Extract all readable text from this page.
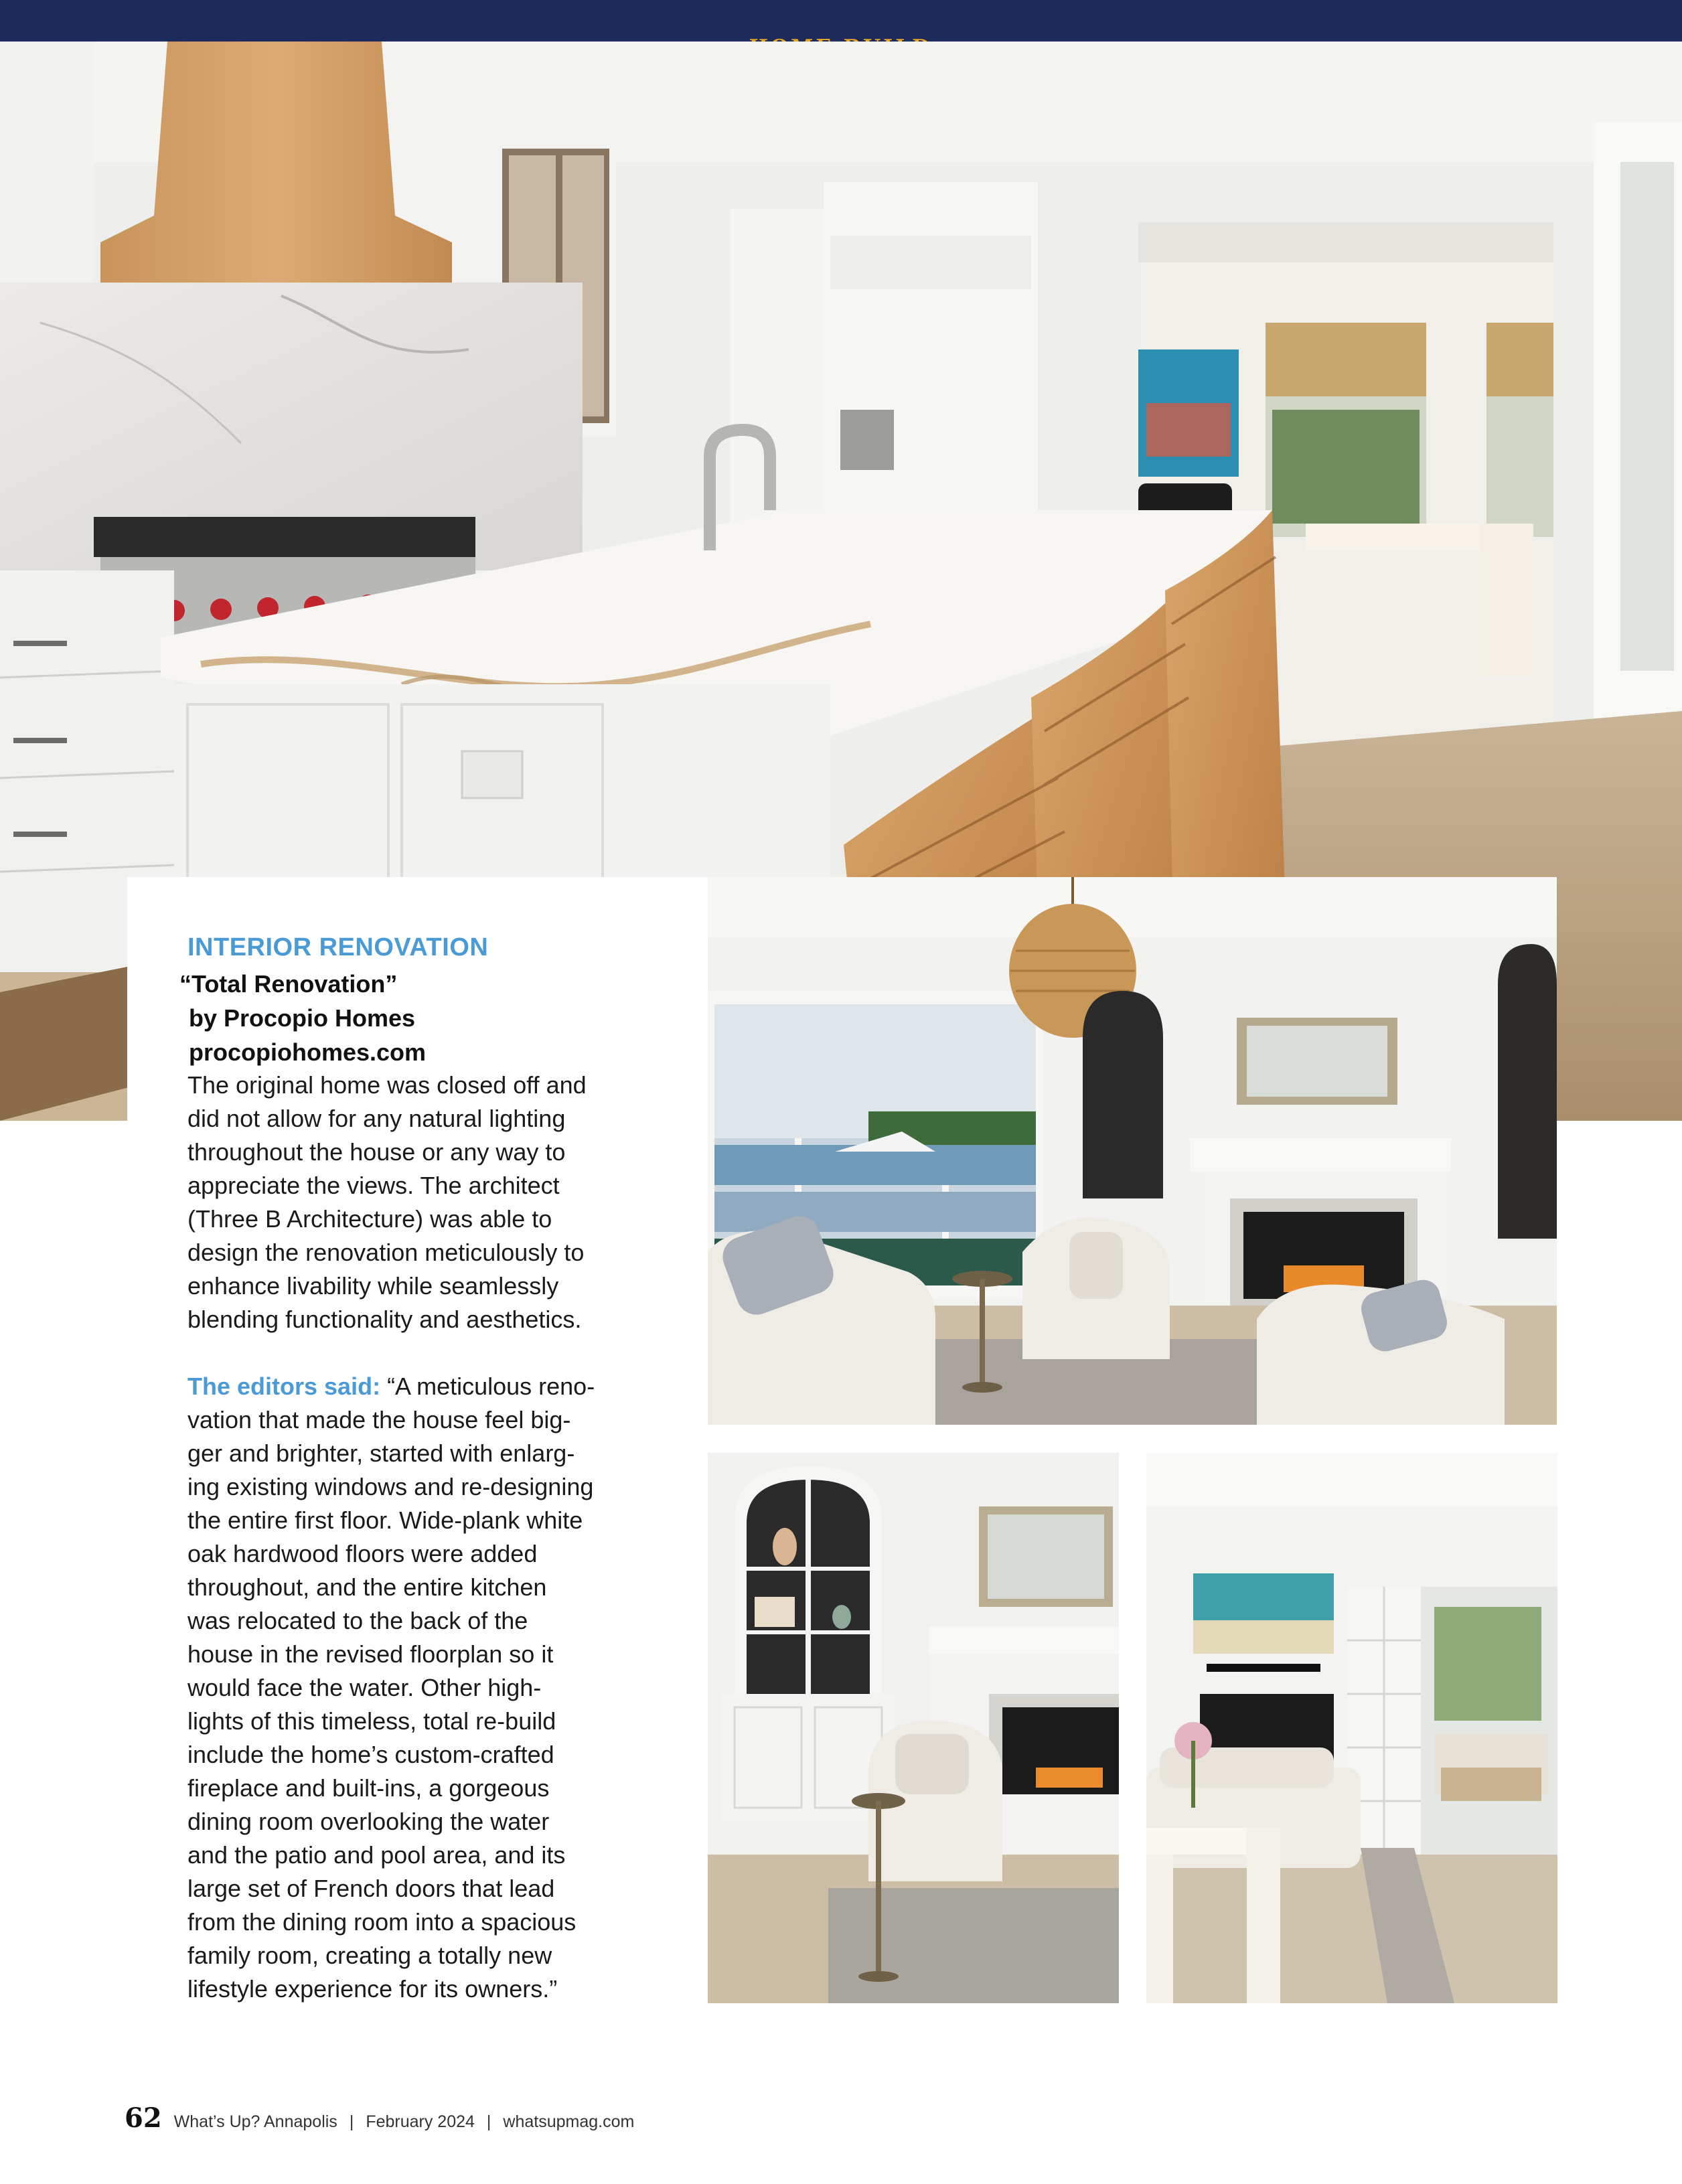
INTERIOR RENOVATION
“Total Renovation”
by Procopio Homes
procopiohomes.com
The original home was closed off and
did not allow for any natural lighting
throughout the house or any way to
appreciate the views. The architect
(Three B Architecture) was able to
design the renovation meticulously to
enhance livability while seamlessly
blending functionality and aesthetics.
The editors said: “A meticulous reno-
vation that made the house feel big-
ger and brighter, started with enlarg-
ing existing windows and re-designing
the entire first floor. Wide-plank white
oak hardwood floors were added
throughout, and the entire kitchen
was relocated to the back of the
house in the revised floorplan so it
would face the water. Other high-
lights of this timeless, total re-build
include the home’s custom-crafted
fireplace and built-ins, a gorgeous
dining room overlooking the water
and the patio and pool area, and its
large set of French doors that lead
from the dining room into a spacious
family room, creating a totally new
lifestyle experience for its owners.”
62 What’s Up? Annapolis | February 2024 | whatsupmag.com
